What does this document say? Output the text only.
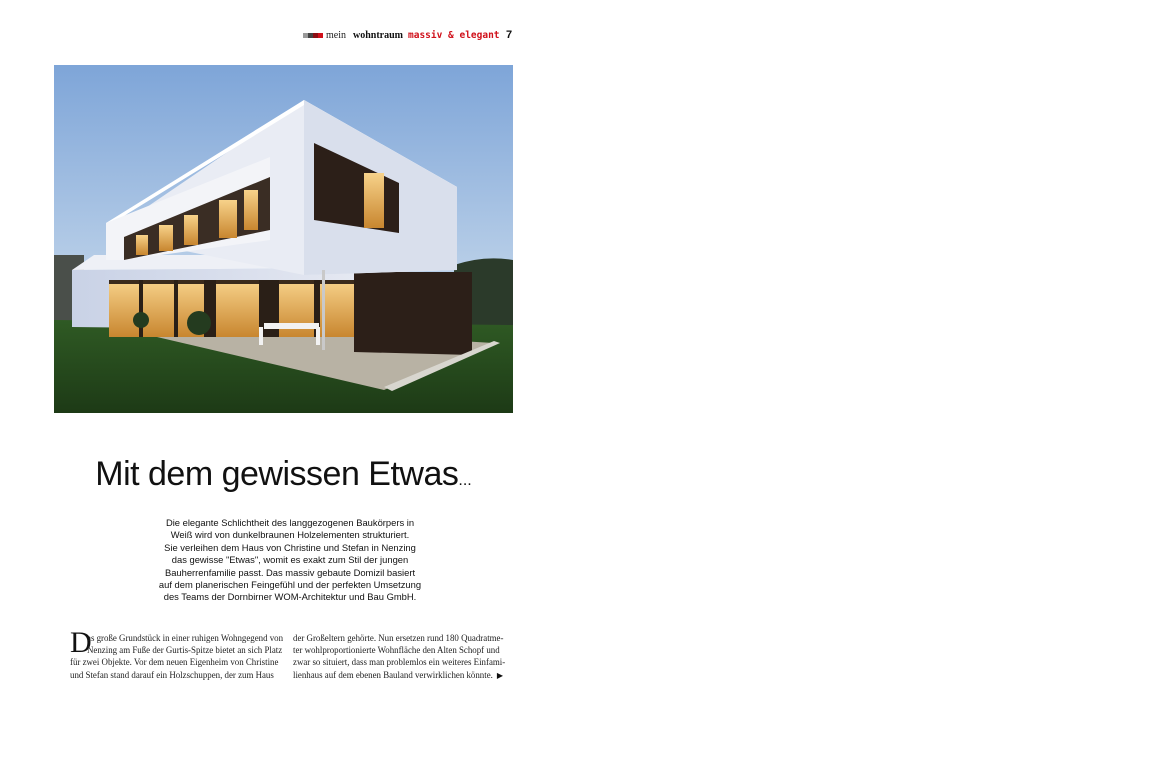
mein wohntraum massiv & elegant 7
Mit dem gewissen Etwas...
Die elegante Schlichtheit des langgezogenen Baukörpers in
Weiß wird von dunkelbraunen Holzelementen strukturiert.
Sie verleihen dem Haus von Christine und Stefan in Nenzing
das gewisse "Etwas", womit es exakt zum Stil der jungen
Bauherrenfamilie passt. Das massiv gebaute Domizil basiert
auf dem planerischen Feingefühl und der perfekten Umsetzung
des Teams der Dornbirner WOM-Architektur und Bau GmbH.
D
as große Grundstück in einer ruhigen Wohngegend von
Nenzing am Fuße der Gurtis-Spitze bietet an sich Platz
für zwei Objekte. Vor dem neuen Eigenheim von Christine
und Stefan stand darauf ein Holzschuppen, der zum Haus
der Großeltern gehörte. Nun ersetzen rund 180 Quadratme-
ter wohlproportionierte Wohnfläche den Alten Schopf und
zwar so situiert, dass man problemlos ein weiteres Einfami-
lienhaus auf dem ebenen Bauland verwirklichen könnte. ▶
